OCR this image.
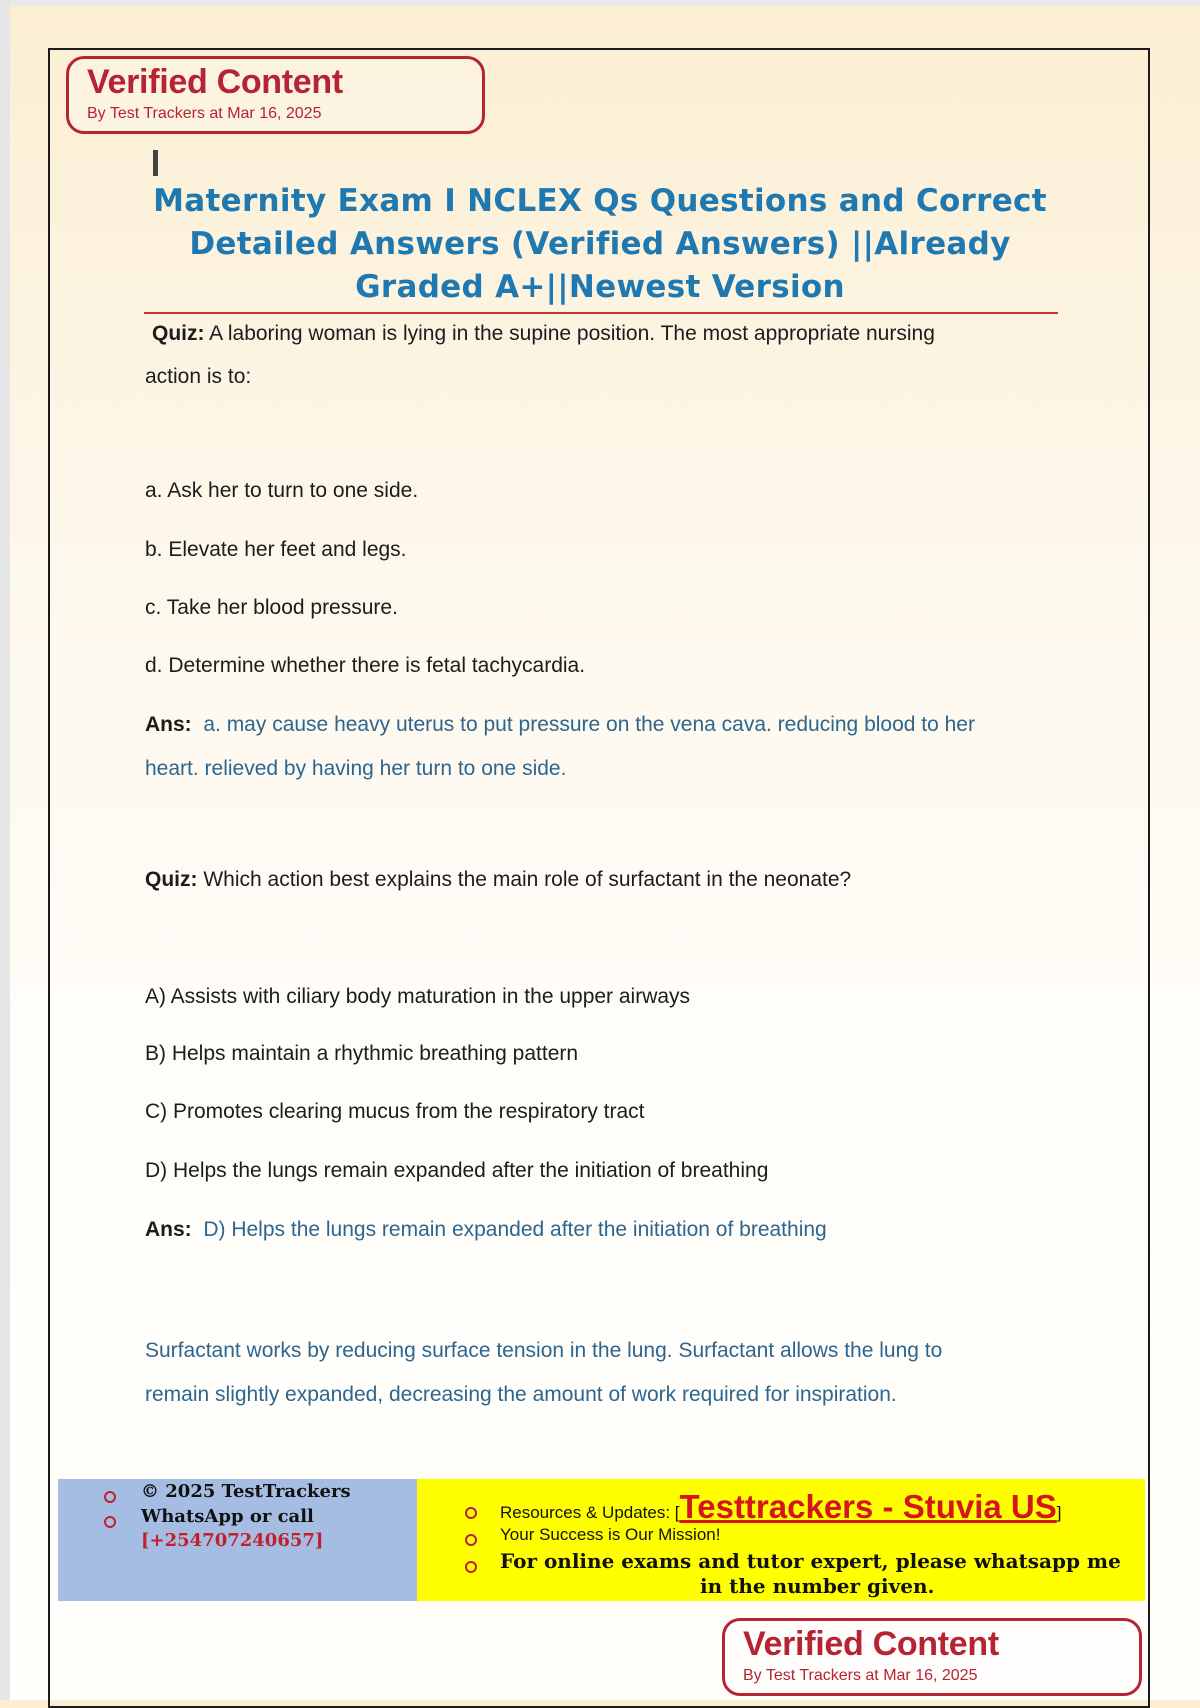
Verified Content
By Test Trackers at Mar 16, 2025
Maternity Exam I NCLEX Qs Questions and Correct
Detailed Answers (Verified Answers) ||Already
Graded A+||Newest Version
Quiz: A laboring woman is lying in the supine position. The most appropriate nursing
action is to:
a. Ask her to turn to one side.
b. Elevate her feet and legs.
c. Take her blood pressure.
d. Determine whether there is fetal tachycardia.
Ans: a. may cause heavy uterus to put pressure on the vena cava. reducing blood to her
heart. relieved by having her turn to one side.
Quiz: Which action best explains the main role of surfactant in the neonate?
A) Assists with ciliary body maturation in the upper airways
B) Helps maintain a rhythmic breathing pattern
C) Promotes clearing mucus from the respiratory tract
D) Helps the lungs remain expanded after the initiation of breathing
Ans: D) Helps the lungs remain expanded after the initiation of breathing
Surfactant works by reducing surface tension in the lung. Surfactant allows the lung to
remain slightly expanded, decreasing the amount of work required for inspiration.
© 2025 TestTrackers
WhatsApp or call
[+254707240657]
Resources & Updates: [Testtrackers - Stuvia US]
Your Success is Our Mission!
For online exams and tutor expert, please whatsapp me
in the number given.
Verified Content
By Test Trackers at Mar 16, 2025
